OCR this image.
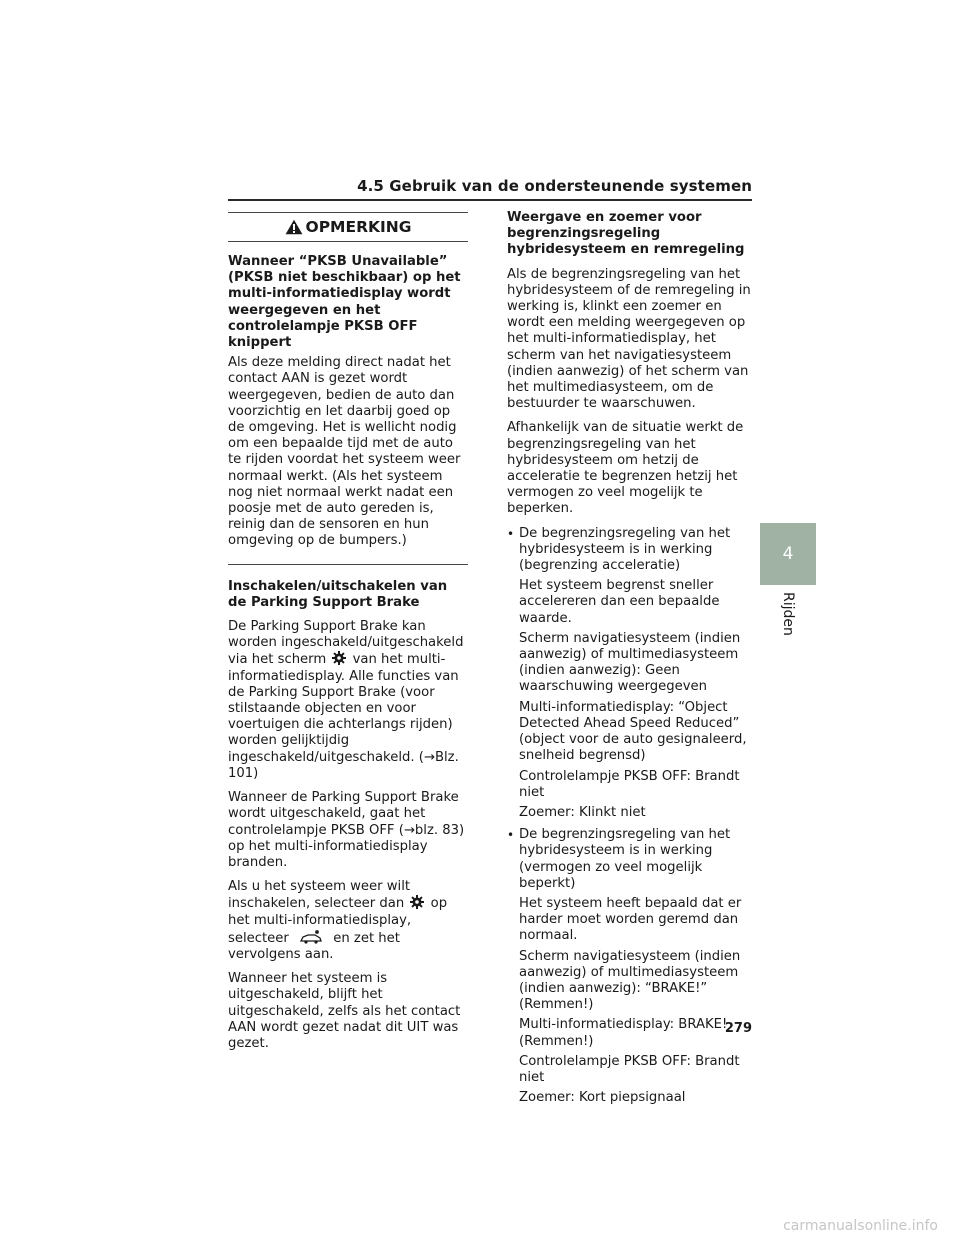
4.5 Gebruik van de ondersteunende systemen
4
Rijden
OPMERKING

Wanneer “PKSB Unavailable” (PKSB niet beschikbaar) op het multi-informatiedisplay wordt weergegeven en het controlelampje PKSB OFF knippert

Als deze melding direct nadat het contact AAN is gezet wordt weergegeven, bedien de auto dan voorzichtig en let daarbij goed op de omgeving. Het is wellicht nodig om een bepaalde tijd met de auto te rijden voordat het systeem weer normaal werkt. (Als het systeem nog niet normaal werkt nadat een poosje met de auto gereden is, reinig dan de sensoren en hun omgeving op de bumpers.)

Inschakelen/uitschakelen van de Parking Support Brake

De Parking Support Brake kan worden ingeschakeld/uitgeschakeld via het scherm van het multi-informatiedisplay. Alle functies van de Parking Support Brake (voor stilstaande objecten en voor voertuigen die achterlangs rijden) worden gelijktijdig ingeschakeld/uitgeschakeld. (→Blz. 101)

Wanneer de Parking Support Brake wordt uitgeschakeld, gaat het controlelampje PKSB OFF (→blz. 83) op het multi-informatiedisplay branden.

Als u het systeem weer wilt inschakelen, selecteer dan op het multi-informatiedisplay, selecteer	en zet het vervolgens aan.

Wanneer het systeem is uitgeschakeld, blijft het uitgeschakeld, zelfs als het contact AAN wordt gezet nadat dit UIT was gezet.

Weergave en zoemer voor begrenzingsregeling hybridesysteem en remregeling

Als de begrenzingsregeling van het hybridesysteem of de remregeling in werking is, klinkt een zoemer en wordt een melding weergegeven op het multi-informatiedisplay, het scherm van het navigatiesysteem (indien aanwezig) of het scherm van het multimediasysteem, om de bestuurder te waarschuwen.

Afhankelijk van de situatie werkt de begrenzingsregeling van het hybridesysteem om hetzij de acceleratie te begrenzen hetzij het vermogen zo veel mogelijk te beperken.

• De begrenzingsregeling van het hybridesysteem is in werking (begrenzing acceleratie)

Het systeem begrenst sneller accelereren dan een bepaalde waarde.

Scherm navigatiesysteem (indien aanwezig) of multimediasysteem (indien aanwezig): Geen waarschuwing weergegeven

Multi-informatiedisplay: “Object Detected Ahead Speed Reduced” (object voor de auto gesignaleerd, snelheid begrensd)

Controlelampje PKSB OFF: Brandt niet

Zoemer: Klinkt niet

• De begrenzingsregeling van het hybridesysteem is in werking (vermogen zo veel mogelijk beperkt)

Het systeem heeft bepaald dat er harder moet worden geremd dan normaal.

Scherm navigatiesysteem (indien aanwezig) of multimediasysteem (indien aanwezig): “BRAKE!” (Remmen!)

Multi-informatiedisplay: BRAKE! (Remmen!)

Controlelampje PKSB OFF: Brandt niet

Zoemer: Kort piepsignaal

279
carmanualsonline.info
